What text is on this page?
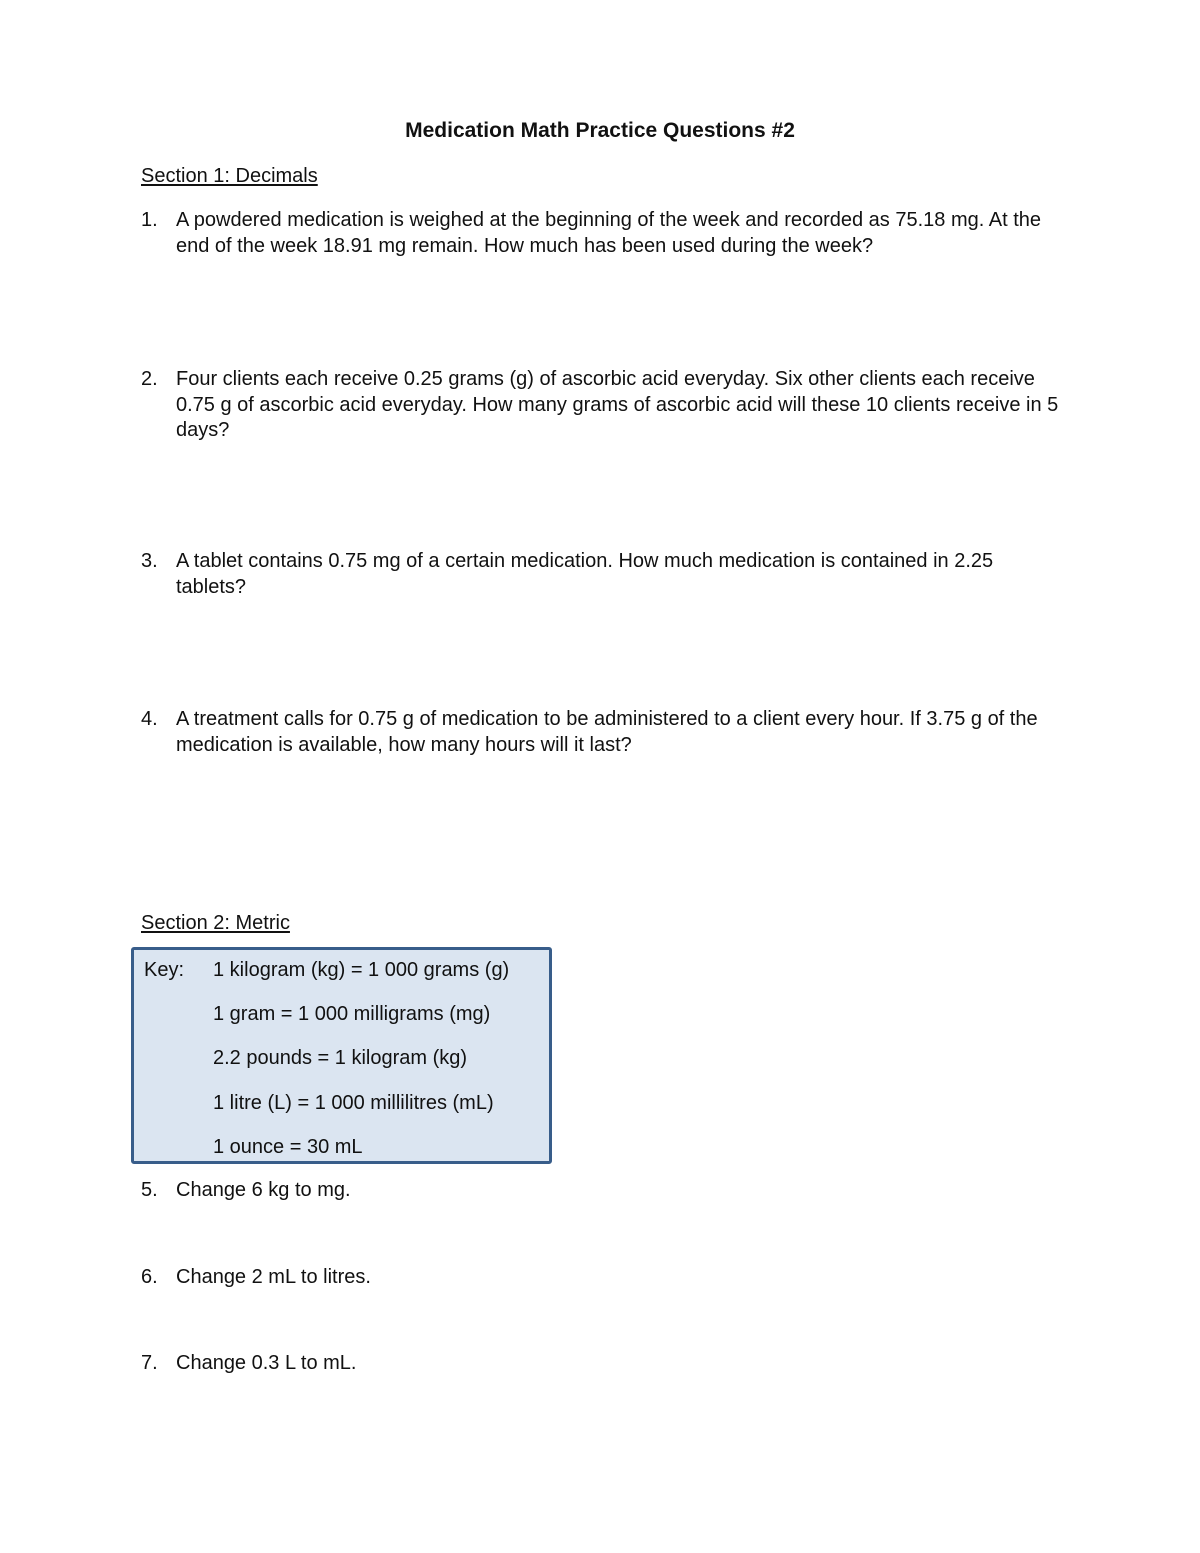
Medication Math Practice Questions #2
Section 1: Decimals
1. A powdered medication is weighed at the beginning of the week and recorded as 75.18 mg. At the end of the week 18.91 mg remain. How much has been used during the week?
2. Four clients each receive 0.25 grams (g) of ascorbic acid everyday. Six other clients each receive 0.75 g of ascorbic acid everyday. How many grams of ascorbic acid will these 10 clients receive in 5 days?
3. A tablet contains 0.75 mg of a certain medication. How much medication is contained in 2.25 tablets?
4. A treatment calls for 0.75 g of medication to be administered to a client every hour. If 3.75 g of the medication is available, how many hours will it last?
Section 2: Metric
Key: 1 kilogram (kg) = 1 000 grams (g)
1 gram = 1 000 milligrams (mg)
2.2 pounds = 1 kilogram (kg)
1 litre (L) = 1 000 millilitres (mL)
1 ounce = 30 mL
5. Change 6 kg to mg.
6. Change 2 mL to litres.
7. Change 0.3 L to mL.
